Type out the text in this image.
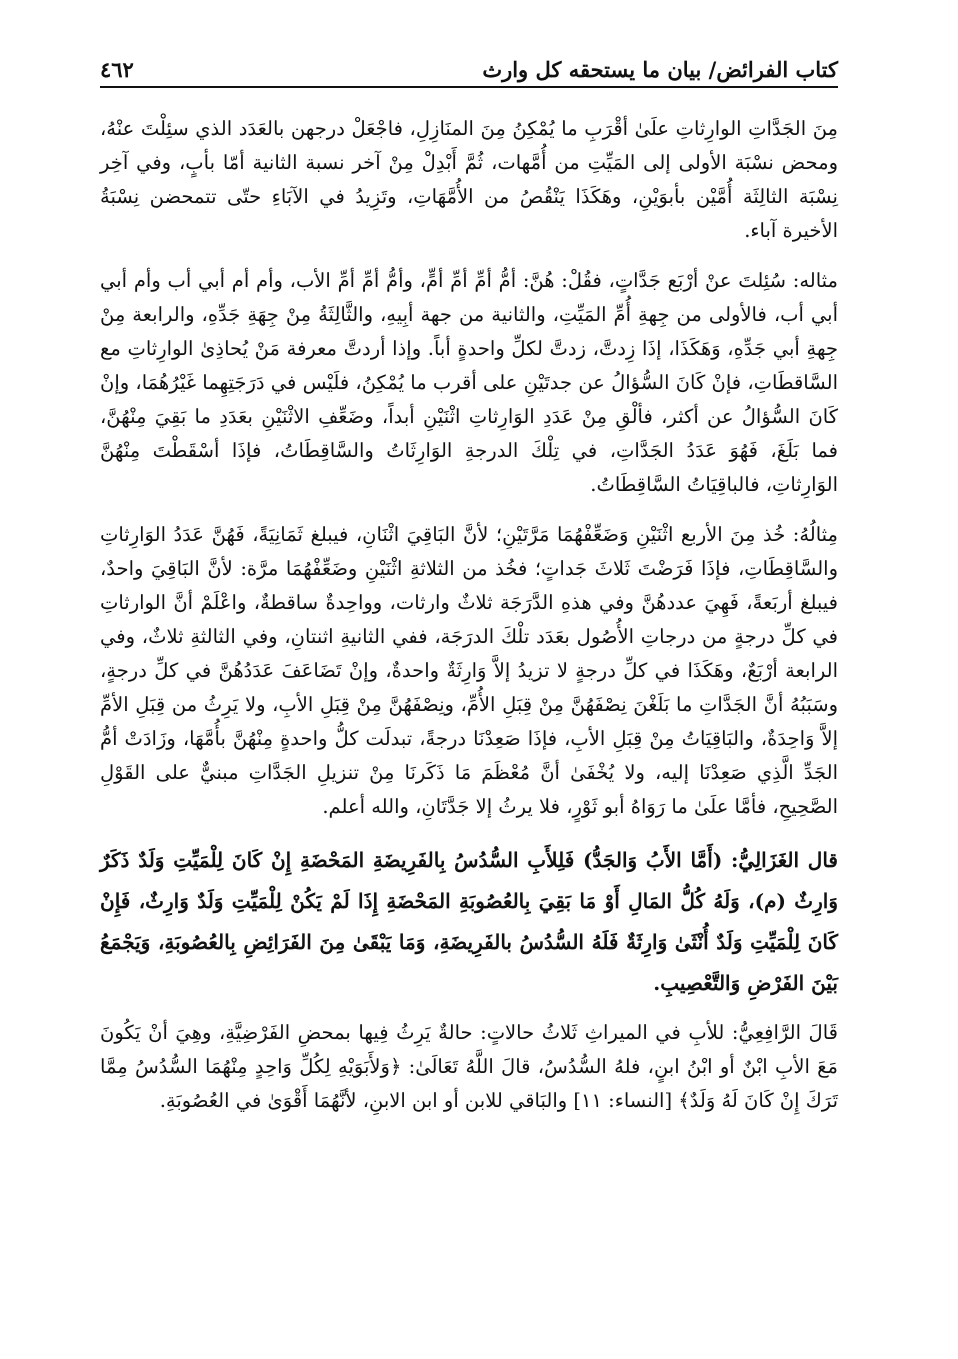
كتاب الفرائض/ بيان ما يستحقه كل وارث
٤٦٢

مِنَ الجَدَّاتِ الوارِثاتِ علَىٰ أقْرَبِ ما يُمْكِنُ مِنَ المنَازِلِ، فاجْعَلْ درجهن بالعَدَد الذي سئِلْتَ عنْهُ، ومحض نسْبَة الأولى إلى المَيِّتِ من أُمَّهات، ثُمَّ أَبْدِلْ مِنْ آخر نسبة الثانية أمّا بأبٍ، وفي آخِر نِسْبَة الثالِثَة أُمَّيْن بأبوَيْنِ، وهَكَذَا يَنْقُصُ من الأُمَّهَاتِ، وتَزِيدُ في الآبَاءِ حتّى تتمحضن نِسْبَةُ الأخيرة آباء.

مثاله: سُئِلتَ عنْ أرْبَع جَدَّاتٍ، فقُلْ: هُنَّ: أمُّ أمِّ أمِّ أمٍّ، وأمُّ أمِّ أمِّ الأب، وأم أم أبي أب وأم أبي أبي أب، فالأولى من جِهةِ أُمِّ المَيِّتِ، والثانية من جهة أبِيهِ، والثَّالِثَةُ مِنْ جِهَةِ جَدِّهِ، والرابعة مِنْ جِهةِ أبي جَدِّهِ، وَهَكَذَا، إذَا زِدتَّ، زدتَّ لكلِّ واحدةٍ أباً. وإذا أردتَّ معرفة مَنْ يُحاذِىٰ الوارِثاتِ مع السَّاقطَاتِ، فإنْ كَانَ السُّؤالُ عن جدتَيْنِ على أقرب ما يُمْكِنُ، فلَيْس في دَرَجَتِهِما غَيْرُهُمَا، وإنْ كَانَ السُّؤالُ عن أكثر، فألْقِ مِنْ عَدَدِ الوَارِثاتِ اثْنَيْنِ أبداً، وضَعِّفِ الاثْنَيْنِ بعَدَدِ ما بَقِيَ مِنْهُنَّ، فما بَلَغَ، فَهُوَ عَدَدُ الجَدَّاتِ، في تِلْكَ الدرجةِ الوَارِثَاتُ والسَّاقِطَاتُ، فإذَا أسْقَطْتَ مِنْهُنَّ الوَارِثاتِ، فالباقِيَاتُ السَّاقِطَاتُ.

مِثالُهُ: خُذ مِنَ الأربع اثْنَيْنِ وَضَعِّفْهُمَا مَرَّتَيْنِ؛ لأنَّ البَاقِيَ اثْنَانِ، فيبلغ ثَمَانِيَةً، فَهُنَّ عَدَدُ الوَارِثاتِ والسَّاقِطَاتِ، فإذَا فَرَضْتَ ثَلاثَ جَداتٍ؛ فخُذ من الثلاثةِ اثْنَيْنِ وضَعِّفْهُمَا مرَّة: لأنَّ البَاقِيَ واحدٌ، فيبلغ أربَعةً، فَهِيَ عددهُنَّ وفي هذهِ الدَّرَجَة ثلاثٌ وارثات، وواحِدةٌ ساقطةٌ، واعْلَمْ أنَّ الوارثاتِ في كلِّ درجةٍ من درجاتِ الأُصُول بعَدَد تلْكَ الدرَجَة، ففي الثانيةِ اثنتانِ، وفي الثالثةِ ثلاثٌ، وفي الرابعة أرْبَعٌ، وهَكَذَا في كلِّ درجةٍ لا تزيدُ إلاَّ وَارِثَةٌ واحدةٌ، وإنْ تَضَاعَفَ عَدَدُهُنَّ في كلِّ درجةٍ، وسَبَبُهُ أنَّ الجَدَّاتِ ما بَلَغْنَ نِصْفَهُنَّ مِنْ قِبَلِ الأُمِّ، ونِصْفَهُنَّ مِنْ قِبَلِ الأبِ، ولا يَرِثُ من قِبَلِ الأمِّ إلاَّ وَاحِدَةٌ، والبَاقِيَاتُ مِنْ قِبَلِ الأبِ، فإذَا صَعِدْنَا درجةً، تبدلَت كلُّ واحدةٍ مِنْهُنَّ بأُمَّهَا، وزَادَتْ أمُّ الجَدِّ الَّذِي صَعِدْنَا إليه، ولا يُخْفَىٰ أنَّ مُعْظَمَ مَا ذَكَرنَا مِنْ تنزيلِ الجَدَّاتِ مبنيٌّ على القَوْلِ الصَّحِيحِ، فأمَّا علَىٰ ما رَوَاهُ أبو ثَوْرٍ، فلا يرثُ إلا جَدَّتَانِ، والله أعلم.

قال الغَزَالِيُّ: (أَمَّا الأَبُ وَالجَدُّ) فَلِلأَبِ السُّدُسُ بِالفَرِيضَةِ المَحْضَةِ إِنْ كَانَ لِلْمَيِّتِ وَلَدٌ ذَكَرٌ وَارِثٌ (م)، وَلَهُ كُلُّ المَالِ أَوْ مَا بَقِيَ بِالعُصُوبَةِ المَحْضَةِ إِذَا لَمْ يَكُنْ لِلْمَيِّتِ وَلَدٌ وَارِثٌ، فَإِنْ كَانَ لِلْمَيِّتِ وَلَدٌ أُنْثَىٰ وَارِثَةٌ فَلَهُ السُّدُسُ بالفَرِيضَةِ، وَمَا يَبْقَىٰ مِنَ الفَرَائِضِ بِالعُصُوبَةِ، وَيَجْمَعُ بَيْنَ الفَرْضِ وَالتَّعْصِيبِ.

قَالَ الرَّافِعِيُّ: للأبِ في الميراثِ ثَلاثُ حالاتٍ: حالةٌ يَرِثُ فِيها بمحضِ الفَرْضِيَّةِ، وهِيَ أنْ يَكُونَ مَعَ الأبِ ابْنٌ أو ابْنُ ابنٍ، فلهُ السُّدُسُ، قالَ اللَّهُ تَعَالَىٰ: ﴿وَلأَبَوَيْهِ لِكُلِّ وَاحِدٍ مِنْهُمَا السُّدُسُ مِمَّا تَرَكَ إِنْ كَانَ لَهُ وَلَدٌ﴾ [النساء: ١١] والبَاقي للابن أو ابن الابنِ، لأنَّهُمَا أَقْوَىٰ في العُصُوبَةِ.
